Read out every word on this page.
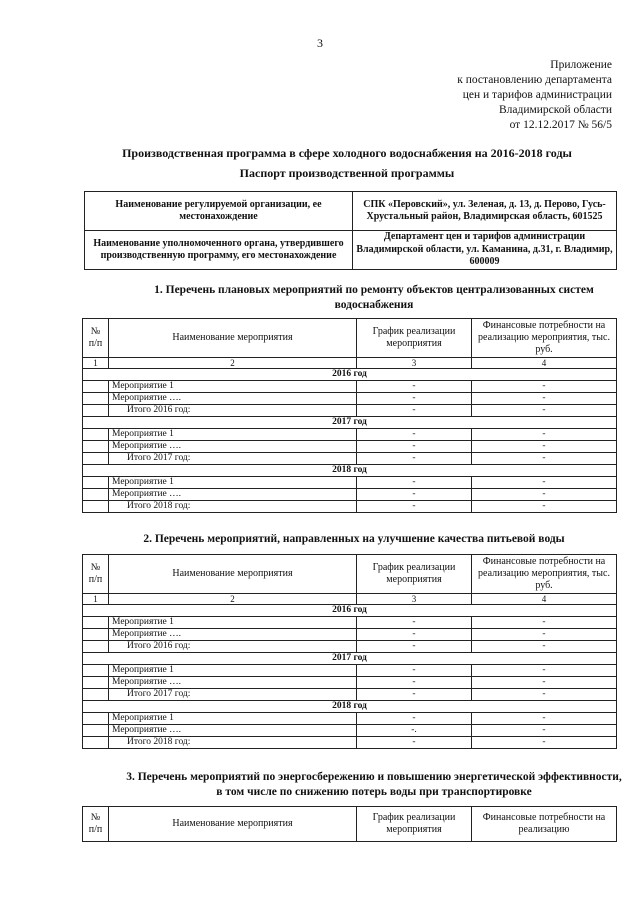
3
Приложение
к постановлению департамента
цен и тарифов администрации
Владимирской области
от 12.12.2017 № 56/5
Производственная программа в сфере холодного водоснабжения на 2016-2018 годы
Паспорт производственной программы
Наименование регулируемой организации, ее местонахождение	СПК «Перовский», ул. Зеленая, д. 13, д. Перово, Гусь-Хрустальный район, Владимирская область, 601525
Наименование уполномоченного органа, утвердившего производственную программу, его местонахождение	Департамент цен и тарифов администрации Владимирской области, ул. Каманина, д.31, г. Владимир, 600009
1. Перечень плановых мероприятий по ремонту объектов централизованных систем водоснабжения
№ п/п	Наименование мероприятия	График реализации мероприятия	Финансовые потребности на реализацию мероприятия, тыс. руб.
1	2	3	4
2016 год			
	Мероприятие 1	-	-
	Мероприятие ….	-	-
	Итого 2016 год:	-	-
2017 год			
	Мероприятие 1	-	-
	Мероприятие ….	-	-
	Итого 2017 год:	-	-
2018 год			
	Мероприятие 1	-	-
	Мероприятие ….	-	-
	Итого 2018 год:	-	-
2. Перечень мероприятий, направленных на улучшение качества питьевой воды
№ п/п	Наименование мероприятия	График реализации мероприятия	Финансовые потребности на реализацию мероприятия, тыс. руб.
1	2	3	4
2016 год			
	Мероприятие 1	-	-
	Мероприятие ….	-	-
	Итого 2016 год:	-	-
2017 год			
	Мероприятие 1	-	-
	Мероприятие ….	-	-
	Итого 2017 год:	-	-
2018 год			
	Мероприятие 1	-	-
	Мероприятие ….	-.	-
	Итого 2018 год:	-	-
3. Перечень мероприятий по энергосбережению и повышению энергетической эффективности, в том числе по снижению потерь воды при транспортировке
№ п/п	Наименование мероприятия	График реализации мероприятия	Финансовые потребности на реализацию
